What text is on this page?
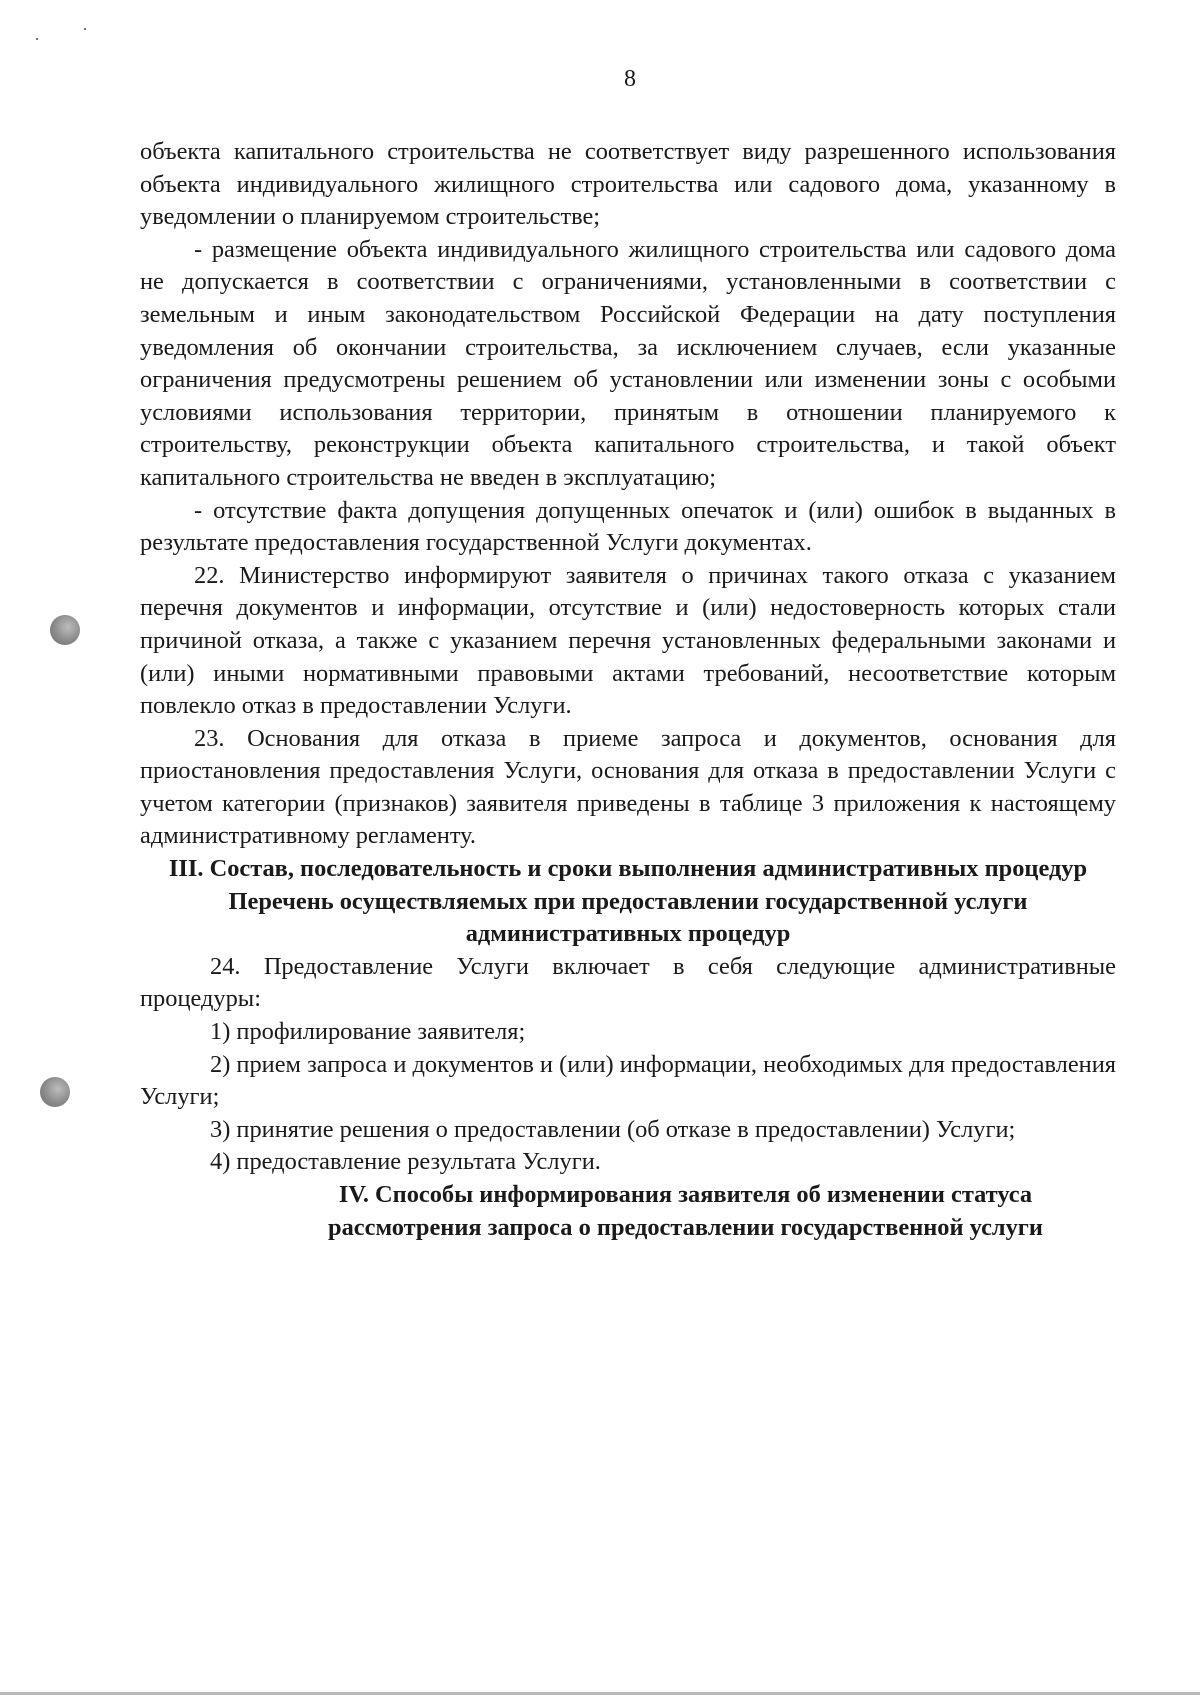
8

объекта капитального строительства не соответствует виду разрешенного использования объекта индивидуального жилищного строительства или садового дома, указанному в уведомлении о планируемом строительстве;

- размещение объекта индивидуального жилищного строительства или садового дома не допускается в соответствии с ограничениями, установленными в соответствии с земельным и иным законодательством Российской Федерации на дату поступления уведомления об окончании строительства, за исключением случаев, если указанные ограничения предусмотрены решением об установлении или изменении зоны с особыми условиями использования территории, принятым в отношении планируемого к строительству, реконструкции объекта капитального строительства, и такой объект капитального строительства не введен в эксплуатацию;

- отсутствие факта допущения допущенных опечаток и (или) ошибок в выданных в результате предоставления государственной Услуги документах.

22. Министерство информируют заявителя о причинах такого отказа с указанием перечня документов и информации, отсутствие и (или) недостоверность которых стали причиной отказа, а также с указанием перечня установленных федеральными законами и (или) иными нормативными правовыми актами требований, несоответствие которым повлекло отказ в предоставлении Услуги.

23. Основания для отказа в приеме запроса и документов, основания для приостановления предоставления Услуги, основания для отказа в предоставлении Услуги с учетом категории (признаков) заявителя приведены в таблице 3 приложения к настоящему административному регламенту.

III. Состав, последовательность и сроки выполнения административных процедур

Перечень осуществляемых при предоставлении государственной услуги административных процедур

24. Предоставление Услуги включает в себя следующие административные процедуры:

1) профилирование заявителя;

2) прием запроса и документов и (или) информации, необходимых для предоставления Услуги;

3) принятие решения о предоставлении (об отказе в предоставлении) Услуги;

4) предоставление результата Услуги.

IV. Способы информирования заявителя об изменении статуса рассмотрения запроса о предоставлении государственной услуги
